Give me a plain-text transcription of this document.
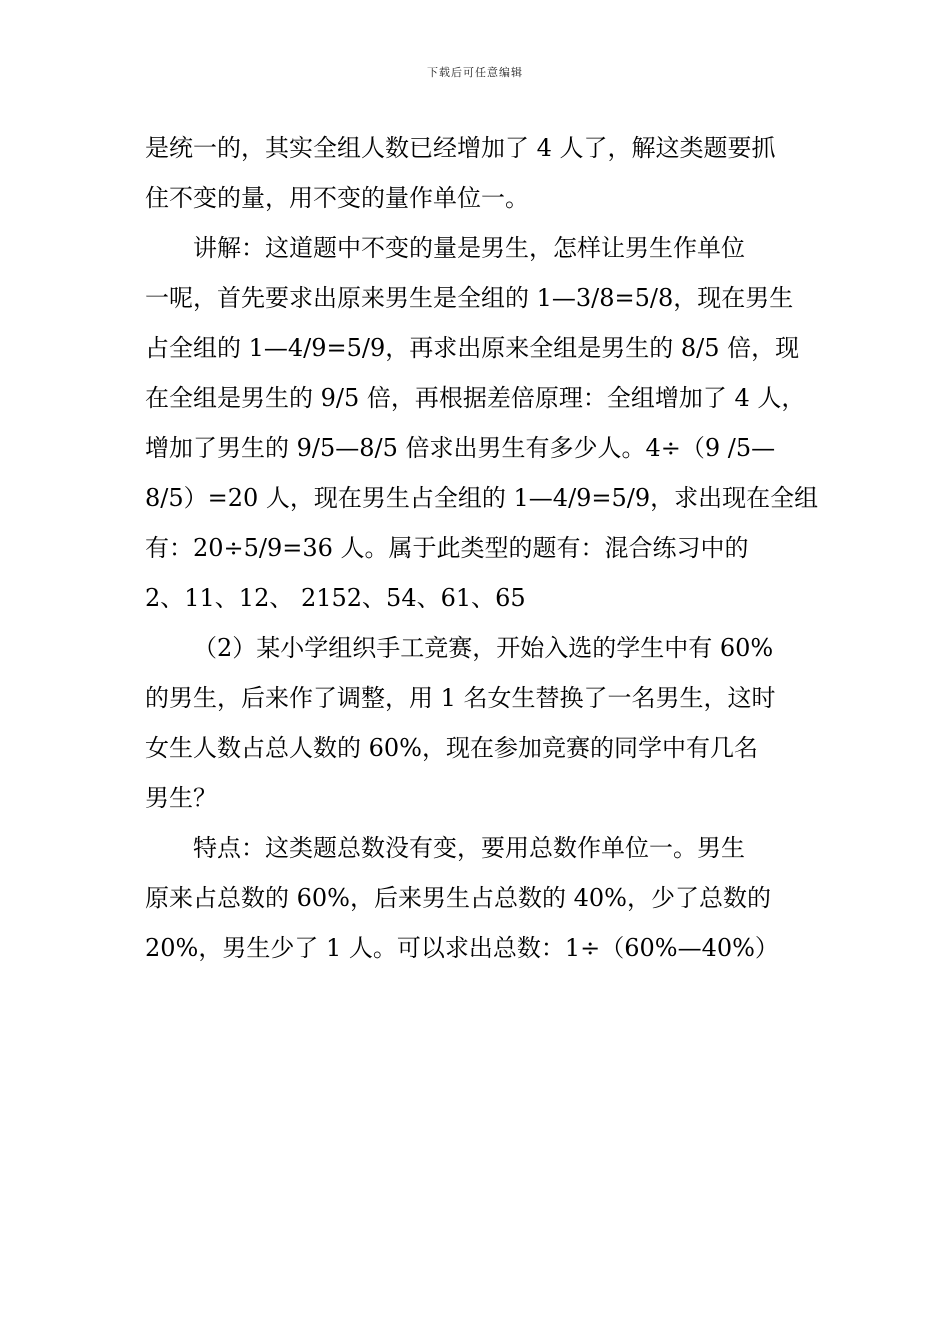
下载后可任意编辑
是统一的，其实全组人数已经增加了 4 人了，解这类题要抓
住不变的量，用不变的量作单位一。
讲解：这道题中不变的量是男生，怎样让男生作单位
一呢，首先要求出原来男生是全组的 1—3/8=5/8，现在男生
占全组的 1—4/9=5/9，再求出原来全组是男生的 8/5 倍，现
在全组是男生的 9/5 倍，再根据差倍原理：全组增加了 4 人，
增加了男生的 9/5—8/5 倍求出男生有多少人。4÷（9 /5—
8/5）=20 人，现在男生占全组的 1—4/9=5/9，求出现在全组
有：20÷5/9=36 人。属于此类型的题有：混合练习中的
2、11、12、 2152、54、61、65
（2）某小学组织手工竞赛，开始入选的学生中有 60%
的男生，后来作了调整，用 1 名女生替换了一名男生，这时
女生人数占总人数的 60%，现在参加竞赛的同学中有几名
男生？
特点：这类题总数没有变，要用总数作单位一。男生
原来占总数的 60%，后来男生占总数的 40%，少了总数的
20%，男生少了 1 人。可以求出总数：1÷（60%—40%）
